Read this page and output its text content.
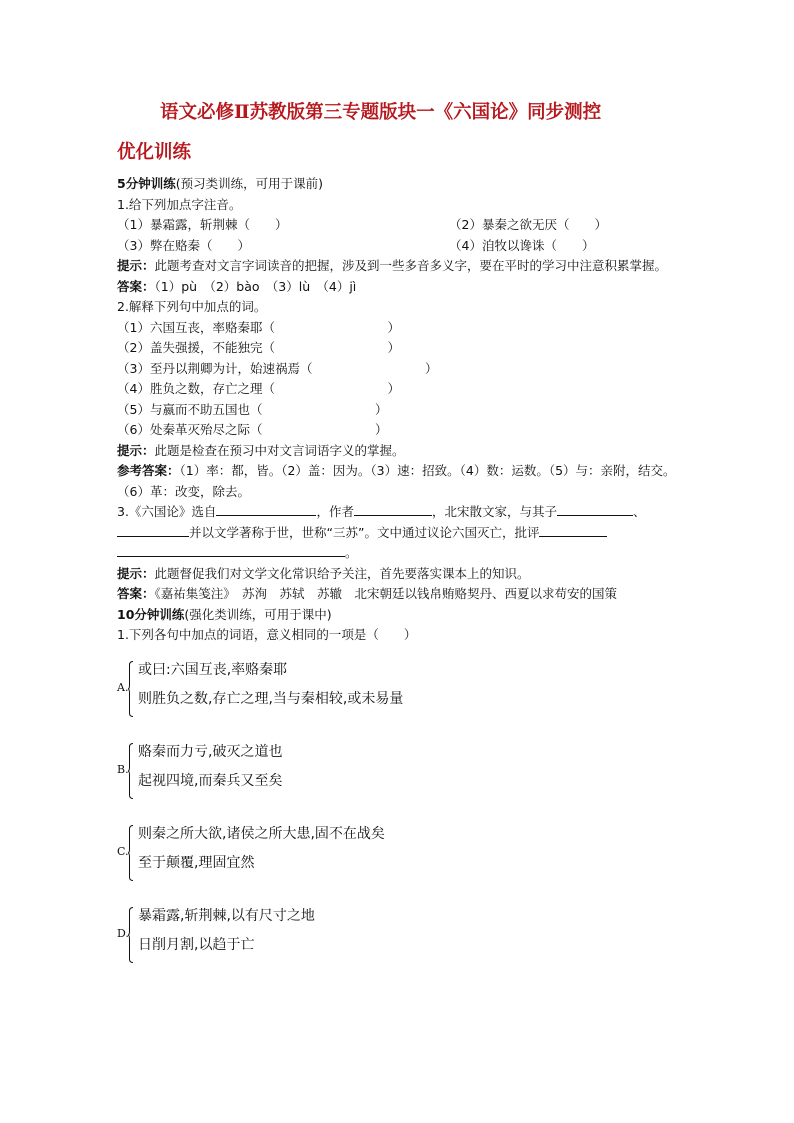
语文必修Ⅱ苏教版第三专题版块一《六国论》同步测控
优化训练
5分钟训练(预习类训练，可用于课前)
1.给下列加点字注音。
（1）暴霜露，斩荆棘（　　）	（2）暴秦之欲无厌（　　）
（3）弊在赂秦（　　）	（4）洎牧以谗诛（　　）
提示：此题考查对文言字词读音的把握，涉及到一些多音多义字，要在平时的学习中注意积累掌握。
答案：（1）pù　（2）bào　（3）lù　（4）jì
2.解释下列句中加点的词。
（1）六国互丧，率赂秦耶（　　　　　　　　　）
（2）盖失强援，不能独完（　　　　　　　　　）
（3）至丹以荆卿为计，始速祸焉（　　　　　　　　　）
（4）胜负之数，存亡之理（　　　　　　　　　）
（5）与嬴而不助五国也（　　　　　　　　　）
（6）处秦革灭殆尽之际（　　　　　　　　　）
提示：此题是检查在预习中对文言词语字义的掌握。
参考答案：（1）率：都，皆。（2）盖：因为。（3）速：招致。（4）数：运数。（5）与：亲附，结交。（6）革：改变，除去。
3.《六国论》选自	，作者	，北宋散文家，与其子	、
并以文学著称于世，世称“三苏”。文中通过议论六国灭亡，批评
。
提示：此题督促我们对文学文化常识给予关注，首先要落实课本上的知识。
答案：《嘉祐集笺注》　苏洵　苏轼　苏辙　北宋朝廷以钱帛贿赂契丹、西夏以求苟安的国策
10分钟训练(强化类训练，可用于课中)
1.下列各句中加点的词语，意义相同的一项是（　　）
A.
或曰:六国互丧,率赂秦耶
则胜负之数,存亡之理,当与秦相较,或未易量
B.
赂秦而力亏,破灭之道也
起视四境,而秦兵又至矣
C.
则秦之所大欲,诸侯之所大患,固不在战矣
至于颠覆,理固宜然
D.
暴霜露,斩荆棘,以有尺寸之地
日削月割,以趋于亡
